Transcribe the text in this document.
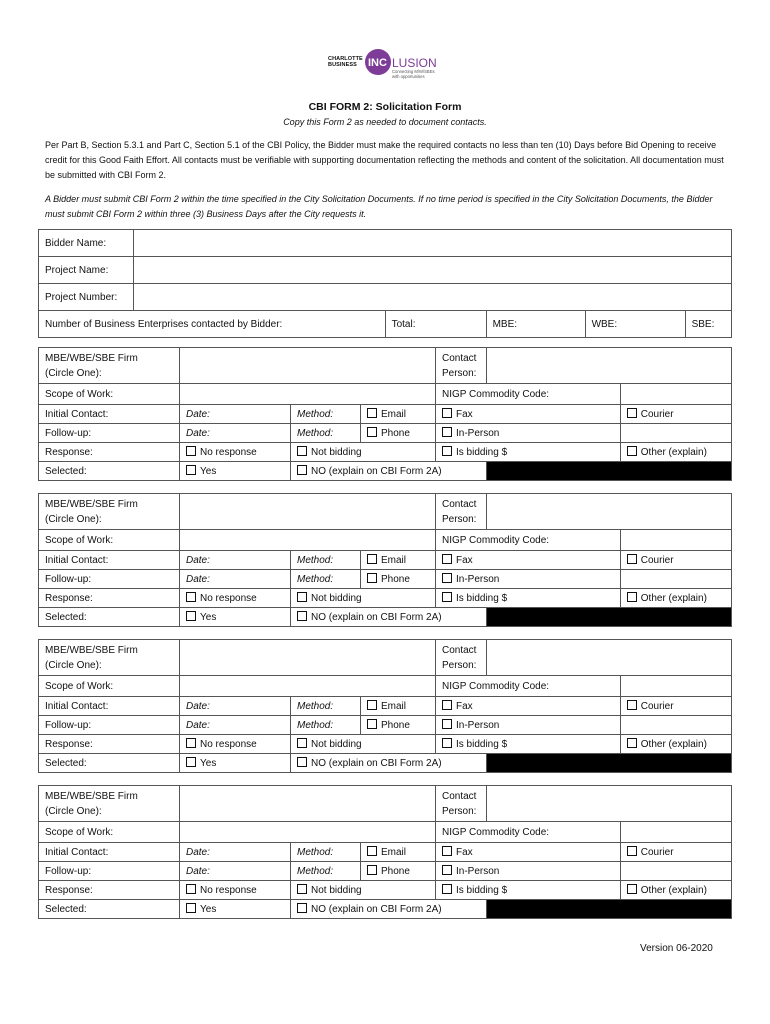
CHARLOTTE
BUSINESS	INC LUSION
Connecting M/W/SBEs with opportunities
CBI FORM 2: Solicitation Form
Copy this Form 2 as needed to document contacts.
Per Part B, Section 5.3.1 and Part C, Section 5.1 of the CBI Policy, the Bidder must make the required contacts no less than ten (10) Days before Bid Opening to receive credit for this Good Faith Effort. All contacts must be verifiable with supporting documentation reflecting the methods and content of the solicitation. All documentation must be submitted with CBI Form 2.
A Bidder must submit CBI Form 2 within the time specified in the City Solicitation Documents. If no time period is specified in the City Solicitation Documents, the Bidder must submit CBI Form 2 within three (3) Business Days after the City requests it.
Bidder Name:					
Project Name:					
Project Number:					
Number of Business Enterprises contacted by Bidder:		Total:	MBE:	WBE:	SBE:
MBE/WBE/SBE Firm
(Circle One):				Contact
Person:		
Scope of Work:				NIGP Commodity Code:		
Initial Contact:	Date:	Method:	Email	Fax		Courier
Follow-up:	Date:	Method:	Phone	In-Person		
Response:	No response	Not bidding		Is bidding $		Other (explain)
Selected:	Yes	NO (explain on CBI Form 2A)				
MBE/WBE/SBE Firm
(Circle One):				Contact
Person:		
Scope of Work:				NIGP Commodity Code:		
Initial Contact:	Date:	Method:	Email	Fax		Courier
Follow-up:	Date:	Method:	Phone	In-Person		
Response:	No response	Not bidding		Is bidding $		Other (explain)
Selected:	Yes	NO (explain on CBI Form 2A)				
MBE/WBE/SBE Firm
(Circle One):				Contact
Person:		
Scope of Work:				NIGP Commodity Code:		
Initial Contact:	Date:	Method:	Email	Fax		Courier
Follow-up:	Date:	Method:	Phone	In-Person		
Response:	No response	Not bidding		Is bidding $		Other (explain)
Selected:	Yes	NO (explain on CBI Form 2A)				
MBE/WBE/SBE Firm
(Circle One):				Contact
Person:		
Scope of Work:				NIGP Commodity Code:		
Initial Contact:	Date:	Method:	Email	Fax		Courier
Follow-up:	Date:	Method:	Phone	In-Person		
Response:	No response	Not bidding		Is bidding $		Other (explain)
Selected:	Yes	NO (explain on CBI Form 2A)				
Version 06-2020
